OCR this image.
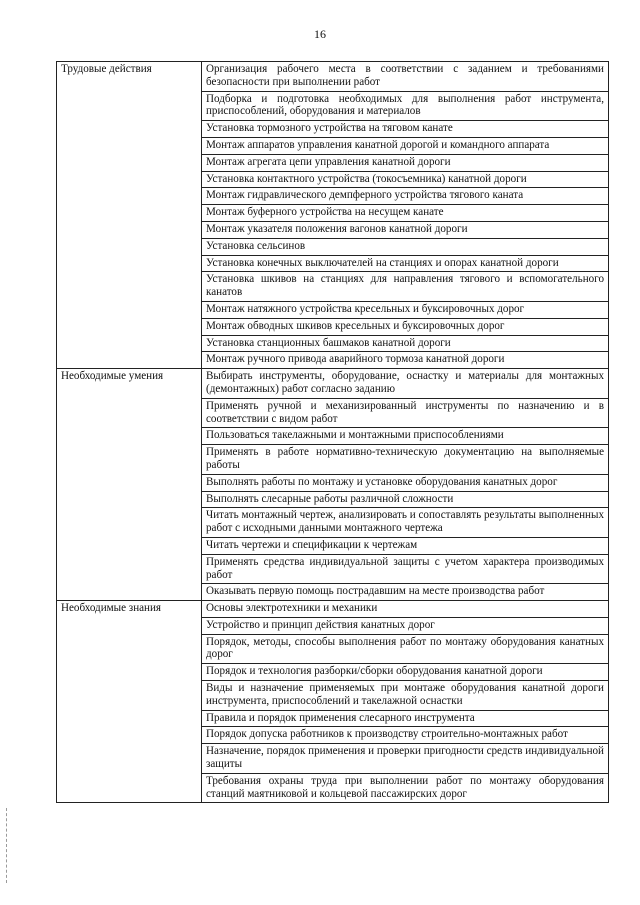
16
Трудовые действия	Организация рабочего места в соответствии с заданием и требованиями безопасности при выполнении работ
	Подборка и подготовка необходимых для выполнения работ инструмента, приспособлений, оборудования и материалов
	Установка тормозного устройства на тяговом канате
	Монтаж аппаратов управления канатной дорогой и командного аппарата
	Монтаж агрегата цепи управления канатной дороги
	Установка контактного устройства (токосъемника) канатной дороги
	Монтаж гидравлического демпферного устройства тягового каната
	Монтаж буферного устройства на несущем канате
	Монтаж указателя положения вагонов канатной дороги
	Установка сельсинов
	Установка конечных выключателей на станциях и опорах канатной дороги
	Установка шкивов на станциях для направления тягового и вспомогательного канатов
	Монтаж натяжного устройства кресельных и буксировочных дорог
	Монтаж обводных шкивов кресельных и буксировочных дорог
	Установка станционных башмаков канатной дороги
	Монтаж ручного привода аварийного тормоза канатной дороги
Необходимые умения	Выбирать инструменты, оборудование, оснастку и материалы для монтажных (демонтажных) работ согласно заданию
	Применять ручной и механизированный инструменты по назначению и в соответствии с видом работ
	Пользоваться такелажными и монтажными приспособлениями
	Применять в работе нормативно-техническую документацию на выполняемые работы
	Выполнять работы по монтажу и установке оборудования канатных дорог
	Выполнять слесарные работы различной сложности
	Читать монтажный чертеж, анализировать и сопоставлять результаты выполненных работ с исходными данными монтажного чертежа
	Читать чертежи и спецификации к чертежам
	Применять средства индивидуальной защиты с учетом характера производимых работ
	Оказывать первую помощь пострадавшим на месте производства работ
Необходимые знания	Основы электротехники и механики
	Устройство и принцип действия канатных дорог
	Порядок, методы, способы выполнения работ по монтажу оборудования канатных дорог
	Порядок и технология разборки/сборки оборудования канатной дороги
	Виды и назначение применяемых при монтаже оборудования канатной дороги инструмента, приспособлений и такелажной оснастки
	Правила и порядок применения слесарного инструмента
	Порядок допуска работников к производству строительно-монтажных работ
	Назначение, порядок применения и проверки пригодности средств индивидуальной защиты
	Требования охраны труда при выполнении работ по монтажу оборудования станций маятниковой и кольцевой пассажирских дорог
